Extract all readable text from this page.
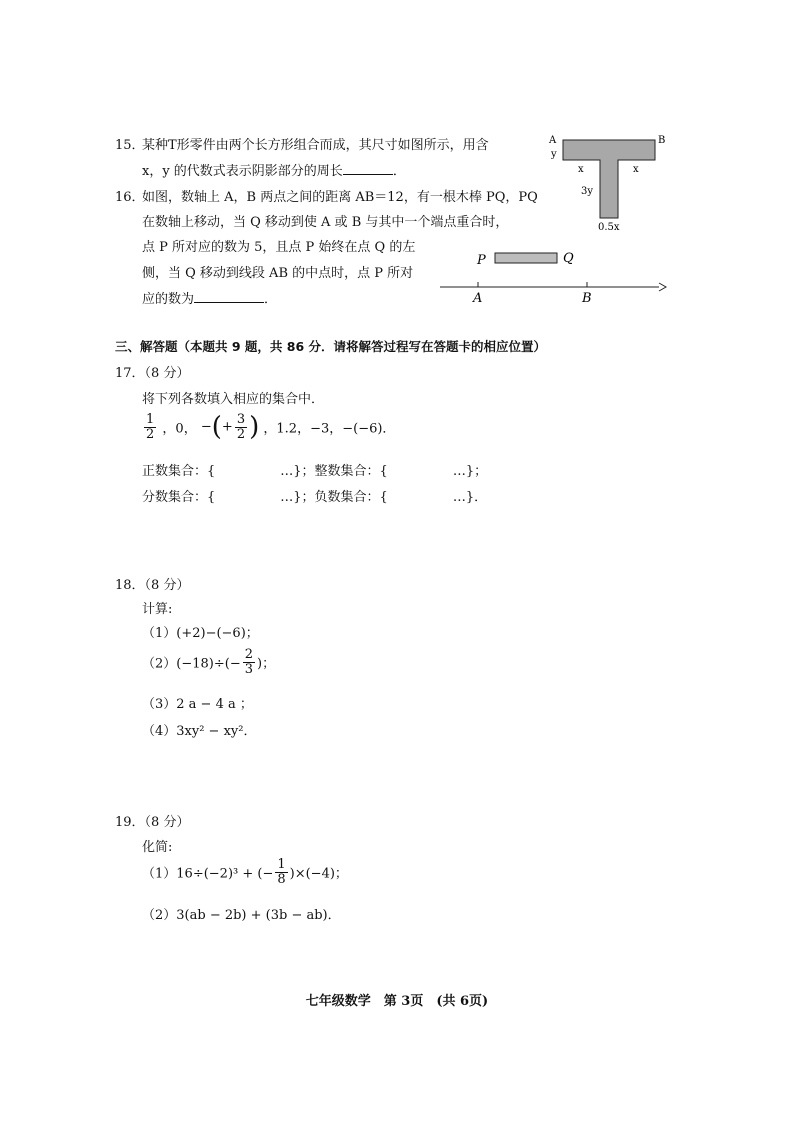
15．
某种T形零件由两个长方形组合而成，其尺寸如图所示，用含
x，y 的代数式表示阴影部分的周长	．
A	B
y
x	x
3y
0.5x
16．
如图，数轴上 A，B 两点之间的距离 AB＝12，有一根木棒 PQ，PQ
在数轴上移动，当 Q 移动到使 A 或 B 与其中一个端点重合时，
点 P 所对应的数为 5，且点 P 始终在点 Q 的左
侧，当 Q 移动到线段 AB 的中点时，点 P 所对
应的数为	．
P	Q
A	B
三、解答题（本题共 9 题，共 86 分．请将解答过程写在答题卡的相应位置）
17．（8 分）
将下列各数填入相应的集合中．
$\frac{1}{2}$ ，0， −(+ $\frac{3}{2}$ ) ，1.2，−3，−(−6)．
正数集合：{　　　　　…}；整数集合：{　　　　　…}；
分数集合：{　　　　　…}；负数集合：{　　　　　…}．
18．（8 分）
计算:
（1）(+2)−(−6)；
$(2)(-18)\div(- \frac{2}{3}$ )；
（3）2 a − 4 a ；
（4）3xy² − xy²．
19．（8 分）
化简:
（1）16÷(−2)³ + (− $\frac{1}{8} )\times(-4)$；
（2）3(ab − 2b) + (3b − ab)．
七年级数学　第 3页　(共 6页)
